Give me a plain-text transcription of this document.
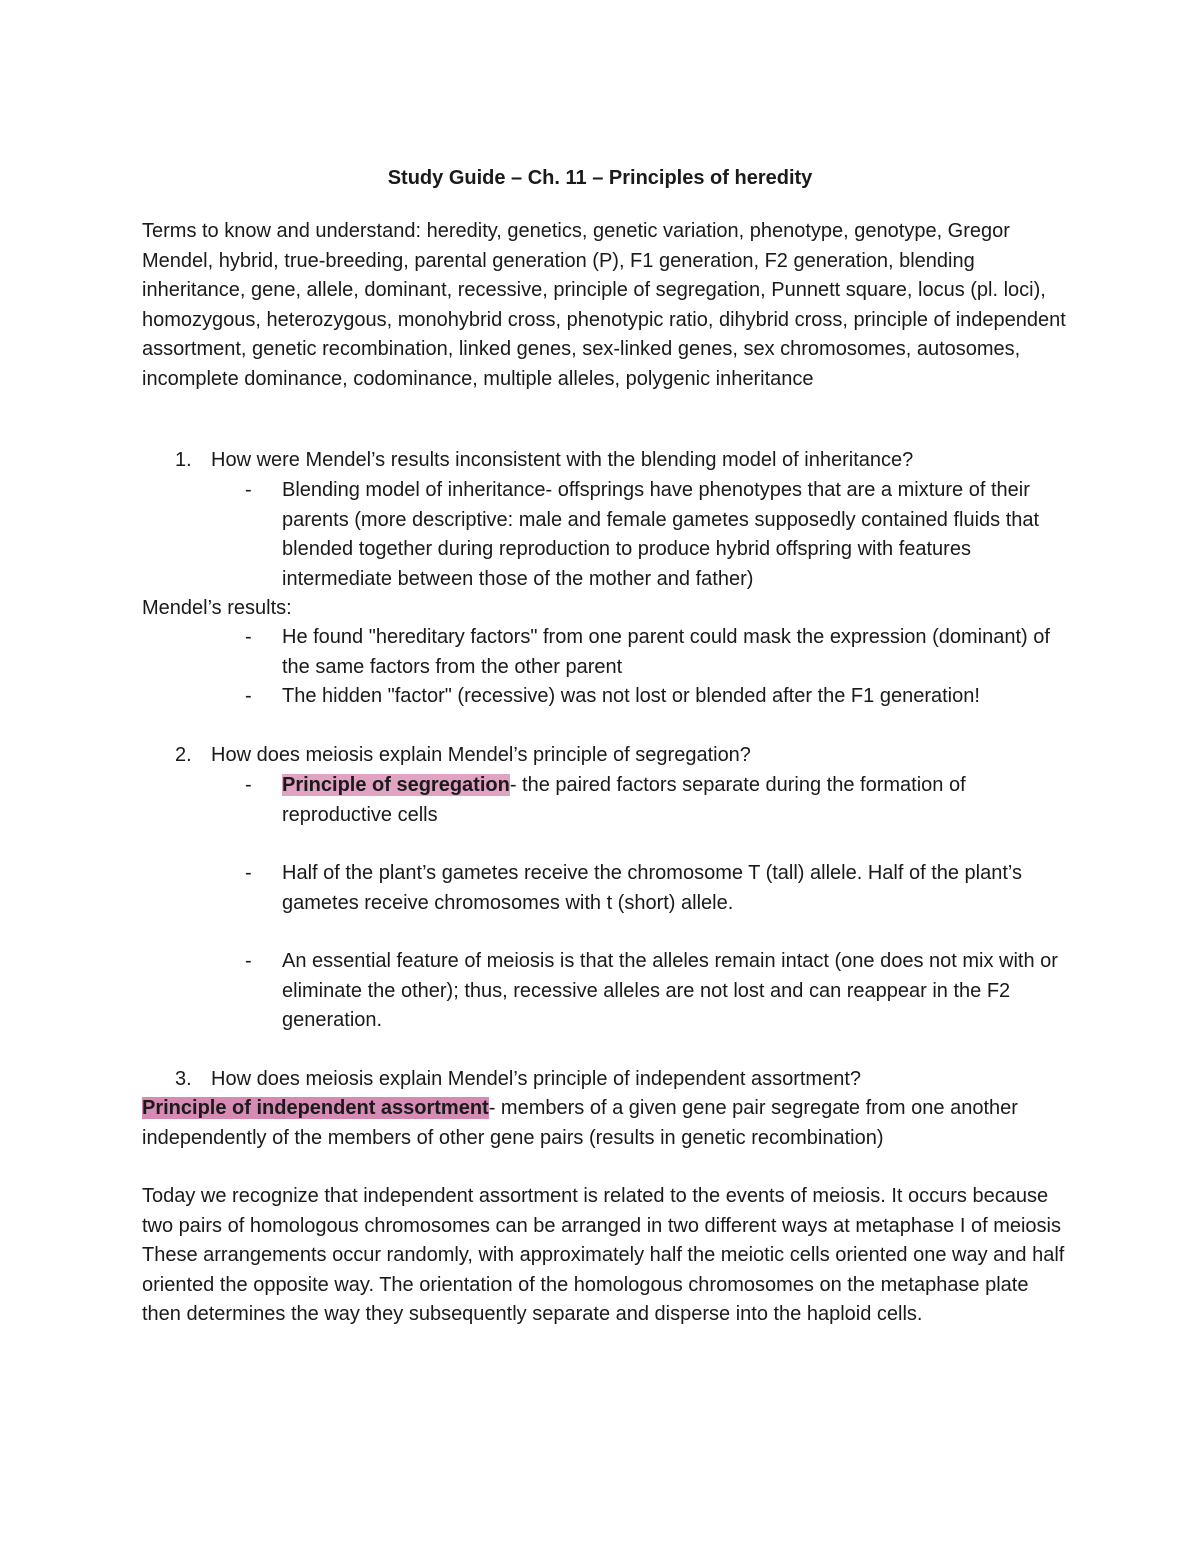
Study Guide – Ch. 11 – Principles of heredity
Terms to know and understand: heredity, genetics, genetic variation, phenotype, genotype, Gregor Mendel, hybrid, true-breeding, parental generation (P), F1 generation, F2 generation, blending inheritance, gene, allele, dominant, recessive, principle of segregation, Punnett square, locus (pl. loci), homozygous, heterozygous, monohybrid cross, phenotypic ratio, dihybrid cross, principle of independent assortment, genetic recombination, linked genes, sex-linked genes, sex chromosomes, autosomes, incomplete dominance, codominance, multiple alleles, polygenic inheritance
1. How were Mendel’s results inconsistent with the blending model of inheritance?
- Blending model of inheritance- offsprings have phenotypes that are a mixture of their parents (more descriptive: male and female gametes supposedly contained fluids that blended together during reproduction to produce hybrid offspring with features intermediate between those of the mother and father)
Mendel’s results:
- He found "hereditary factors" from one parent could mask the expression (dominant) of the same factors from the other parent
- The hidden "factor" (recessive) was not lost or blended after the F1 generation!
2. How does meiosis explain Mendel’s principle of segregation?
- Principle of segregation- the paired factors separate during the formation of reproductive cells
- Half of the plant’s gametes receive the chromosome T (tall) allele. Half of the plant’s gametes receive chromosomes with t (short) allele.
- An essential feature of meiosis is that the alleles remain intact (one does not mix with or eliminate the other); thus, recessive alleles are not lost and can reappear in the F2 generation.
3. How does meiosis explain Mendel’s principle of independent assortment?
Principle of independent assortment- members of a given gene pair segregate from one another independently of the members of other gene pairs (results in genetic recombination)
Today we recognize that independent assortment is related to the events of meiosis. It occurs because two pairs of homologous chromosomes can be arranged in two different ways at metaphase I of meiosis These arrangements occur randomly, with approximately half the meiotic cells oriented one way and half oriented the opposite way. The orientation of the homologous chromosomes on the metaphase plate then determines the way they subsequently separate and disperse into the haploid cells.
